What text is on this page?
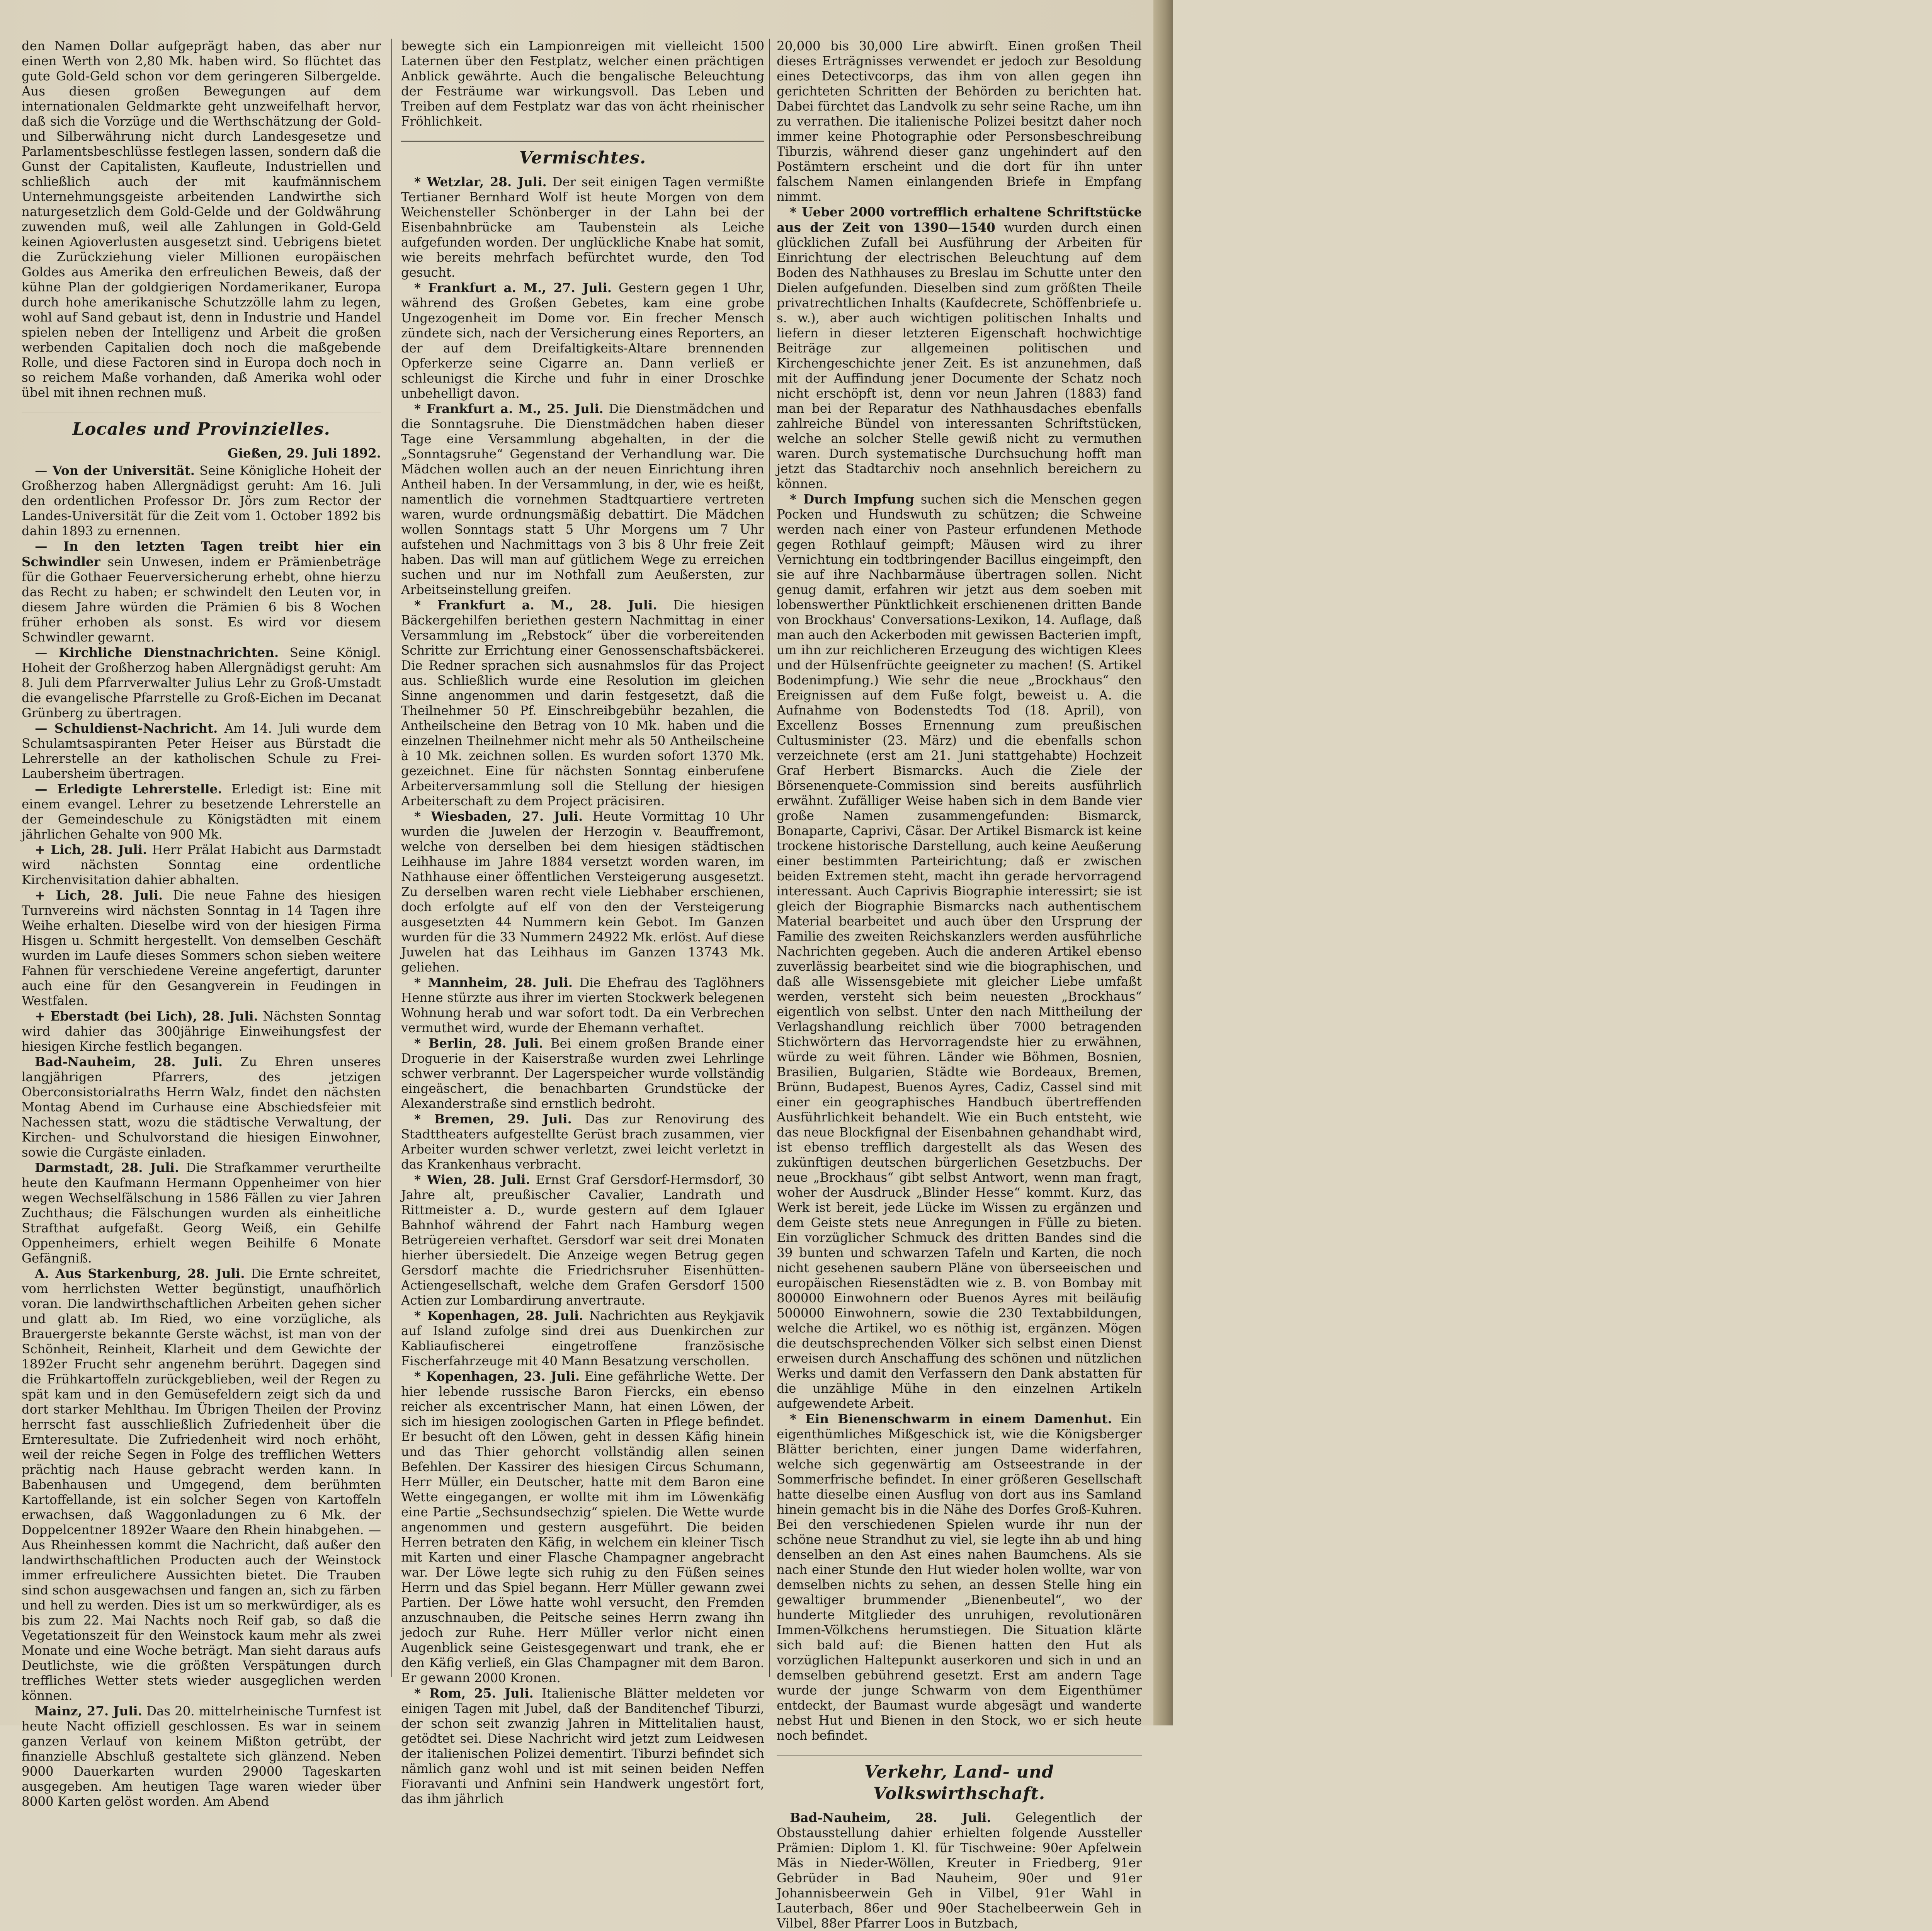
den Namen Dollar aufgeprägt haben, das aber nur einen Werth von 2,80 Mk. haben wird. So flüchtet das gute Gold-Geld schon vor dem geringeren Silbergelde. Aus diesen großen Bewegungen auf dem internationalen Geldmarkte geht unzweifelhaft hervor, daß sich die Vorzüge und die Werthschätzung der Gold- und Silberwährung nicht durch Landesgesetze und Parlamentsbeschlüsse festlegen lassen, sondern daß die Gunst der Capitalisten, Kaufleute, Industriellen und schließlich auch der mit kaufmännischem Unternehmungsgeiste arbeitenden Landwirthe sich naturgesetzlich dem Gold-Gelde und der Goldwährung zuwenden muß, weil alle Zahlungen in Gold-Geld keinen Agioverlusten ausgesetzt sind. Uebrigens bietet die Zurückziehung vieler Millionen europäischen Goldes aus Amerika den erfreulichen Beweis, daß der kühne Plan der goldgierigen Nordamerikaner, Europa durch hohe amerikanische Schutzzölle lahm zu legen, wohl auf Sand gebaut ist, denn in Industrie und Handel spielen neben der Intelligenz und Arbeit die großen werbenden Capitalien doch noch die maßgebende Rolle, und diese Factoren sind in Europa doch noch in so reichem Maße vorhanden, daß Amerika wohl oder übel mit ihnen rechnen muß.

Locales und Provinzielles.

Gießen, 29. Juli 1892.

— Von der Universität. Seine Königliche Hoheit der Großherzog haben Allergnädigst geruht: Am 16. Juli den ordentlichen Professor Dr. Jörs zum Rector der Landes-Universität für die Zeit vom 1. October 1892 bis dahin 1893 zu ernennen.

— In den letzten Tagen treibt hier ein Schwindler sein Unwesen, indem er Prämienbeträge für die Gothaer Feuerversicherung erhebt, ohne hierzu das Recht zu haben; er schwindelt den Leuten vor, in diesem Jahre würden die Prämien 6 bis 8 Wochen früher erhoben als sonst. Es wird vor diesem Schwindler gewarnt.

— Kirchliche Dienstnachrichten. Seine Königl. Hoheit der Großherzog haben Allergnädigst geruht: Am 8. Juli dem Pfarrverwalter Julius Lehr zu Groß-Umstadt die evangelische Pfarrstelle zu Groß-Eichen im Decanat Grünberg zu übertragen.

— Schuldienst-Nachricht. Am 14. Juli wurde dem Schulamtsaspiranten Peter Heiser aus Bürstadt die Lehrerstelle an der katholischen Schule zu Frei-Laubersheim übertragen.

— Erledigte Lehrerstelle. Erledigt ist: Eine mit einem evangel. Lehrer zu besetzende Lehrerstelle an der Gemeindeschule zu Königstädten mit einem jährlichen Gehalte von 900 Mk.

+ Lich, 28. Juli. Herr Prälat Habicht aus Darmstadt wird nächsten Sonntag eine ordentliche Kirchenvisitation dahier abhalten.

+ Lich, 28. Juli. Die neue Fahne des hiesigen Turnvereins wird nächsten Sonntag in 14 Tagen ihre Weihe erhalten. Dieselbe wird von der hiesigen Firma Hisgen u. Schmitt hergestellt. Von demselben Geschäft wurden im Laufe dieses Sommers schon sieben weitere Fahnen für verschiedene Vereine angefertigt, darunter auch eine für den Gesangverein in Feudingen in Westfalen.

+ Eberstadt (bei Lich), 28. Juli. Nächsten Sonntag wird dahier das 300jährige Einweihungsfest der hiesigen Kirche festlich begangen.

Bad-Nauheim, 28. Juli. Zu Ehren unseres langjährigen Pfarrers, des jetzigen Oberconsistorialraths Herrn Walz, findet den nächsten Montag Abend im Curhause eine Abschiedsfeier mit Nachessen statt, wozu die städtische Verwaltung, der Kirchen- und Schulvorstand die hiesigen Einwohner, sowie die Curgäste einladen.

Darmstadt, 28. Juli. Die Strafkammer verurtheilte heute den Kaufmann Hermann Oppenheimer von hier wegen Wechselfälschung in 1586 Fällen zu vier Jahren Zuchthaus; die Fälschungen wurden als einheitliche Strafthat aufgefaßt. Georg Weiß, ein Gehilfe Oppenheimers, erhielt wegen Beihilfe 6 Monate Gefängniß.

A. Aus Starkenburg, 28. Juli. Die Ernte schreitet, vom herrlichsten Wetter begünstigt, unaufhörlich voran. Die landwirthschaftlichen Arbeiten gehen sicher und glatt ab. Im Ried, wo eine vorzügliche, als Brauergerste bekannte Gerste wächst, ist man von der Schönheit, Reinheit, Klarheit und dem Gewichte der 1892er Frucht sehr angenehm berührt. Dagegen sind die Frühkartoffeln zurückgeblieben, weil der Regen zu spät kam und in den Gemüsefeldern zeigt sich da und dort starker Mehlthau. Im Übrigen Theilen der Provinz herrscht fast ausschließlich Zufriedenheit über die Ernteresultate. Die Zufriedenheit wird noch erhöht, weil der reiche Segen in Folge des trefflichen Wetters prächtig nach Hause gebracht werden kann. In Babenhausen und Umgegend, dem berühmten Kartoffellande, ist ein solcher Segen von Kartoffeln erwachsen, daß Waggonladungen zu 6 Mk. der Doppelcentner 1892er Waare den Rhein hinabgehen. — Aus Rheinhessen kommt die Nachricht, daß außer den landwirthschaftlichen Producten auch der Weinstock immer erfreulichere Aussichten bietet. Die Trauben sind schon ausgewachsen und fangen an, sich zu färben und hell zu werden. Dies ist um so merkwürdiger, als es bis zum 22. Mai Nachts noch Reif gab, so daß die Vegetationszeit für den Weinstock kaum mehr als zwei Monate und eine Woche beträgt. Man sieht daraus aufs Deutlichste, wie die größten Verspätungen durch treffliches Wetter stets wieder ausgeglichen werden können.

Mainz, 27. Juli. Das 20. mittelrheinische Turnfest ist heute Nacht offiziell geschlossen. Es war in seinem ganzen Verlauf von keinem Mißton getrübt, der finanzielle Abschluß gestaltete sich glänzend. Neben 9000 Dauerkarten wurden 29000 Tageskarten ausgegeben. Am heutigen Tage waren wieder über 8000 Karten gelöst worden. Am Abend

bewegte sich ein Lampionreigen mit vielleicht 1500 Laternen über den Festplatz, welcher einen prächtigen Anblick gewährte. Auch die bengalische Beleuchtung der Festräume war wirkungsvoll. Das Leben und Treiben auf dem Festplatz war das von ächt rheinischer Fröhlichkeit.

Vermischtes.

* Wetzlar, 28. Juli. Der seit einigen Tagen vermißte Tertianer Bernhard Wolf ist heute Morgen von dem Weichensteller Schönberger in der Lahn bei der Eisenbahnbrücke am Taubenstein als Leiche aufgefunden worden. Der unglückliche Knabe hat somit, wie bereits mehrfach befürchtet wurde, den Tod gesucht.

* Frankfurt a. M., 27. Juli. Gestern gegen 1 Uhr, während des Großen Gebetes, kam eine grobe Ungezogenheit im Dome vor. Ein frecher Mensch zündete sich, nach der Versicherung eines Reporters, an der auf dem Dreifaltigkeits-Altare brennenden Opferkerze seine Cigarre an. Dann verließ er schleunigst die Kirche und fuhr in einer Droschke unbehelligt davon.

* Frankfurt a. M., 25. Juli. Die Dienstmädchen und die Sonntagsruhe. Die Dienstmädchen haben dieser Tage eine Versammlung abgehalten, in der die „Sonntagsruhe“ Gegenstand der Verhandlung war. Die Mädchen wollen auch an der neuen Einrichtung ihren Antheil haben. In der Versammlung, in der, wie es heißt, namentlich die vornehmen Stadtquartiere vertreten waren, wurde ordnungsmäßig debattirt. Die Mädchen wollen Sonntags statt 5 Uhr Morgens um 7 Uhr aufstehen und Nachmittags von 3 bis 8 Uhr freie Zeit haben. Das will man auf gütlichem Wege zu erreichen suchen und nur im Nothfall zum Aeußersten, zur Arbeitseinstellung greifen.

* Frankfurt a. M., 28. Juli. Die hiesigen Bäckergehilfen beriethen gestern Nachmittag in einer Versammlung im „Rebstock“ über die vorbereitenden Schritte zur Errichtung einer Genossenschaftsbäckerei. Die Redner sprachen sich ausnahmslos für das Project aus. Schließlich wurde eine Resolution im gleichen Sinne angenommen und darin festgesetzt, daß die Theilnehmer 50 Pf. Einschreibgebühr bezahlen, die Antheilscheine den Betrag von 10 Mk. haben und die einzelnen Theilnehmer nicht mehr als 50 Antheilscheine à 10 Mk. zeichnen sollen. Es wurden sofort 1370 Mk. gezeichnet. Eine für nächsten Sonntag einberufene Arbeiterversammlung soll die Stellung der hiesigen Arbeiterschaft zu dem Project präcisiren.

* Wiesbaden, 27. Juli. Heute Vormittag 10 Uhr wurden die Juwelen der Herzogin v. Beauffremont, welche von derselben bei dem hiesigen städtischen Leihhause im Jahre 1884 versetzt worden waren, im Nathhause einer öffentlichen Versteigerung ausgesetzt. Zu derselben waren recht viele Liebhaber erschienen, doch erfolgte auf elf von den der Versteigerung ausgesetzten 44 Nummern kein Gebot. Im Ganzen wurden für die 33 Nummern 24922 Mk. erlöst. Auf diese Juwelen hat das Leihhaus im Ganzen 13743 Mk. geliehen.

* Mannheim, 28. Juli. Die Ehefrau des Taglöhners Henne stürzte aus ihrer im vierten Stockwerk belegenen Wohnung herab und war sofort todt. Da ein Verbrechen vermuthet wird, wurde der Ehemann verhaftet.

* Berlin, 28. Juli. Bei einem großen Brande einer Droguerie in der Kaiserstraße wurden zwei Lehrlinge schwer verbrannt. Der Lagerspeicher wurde vollständig eingeäschert, die benachbarten Grundstücke der Alexanderstraße sind ernstlich bedroht.

* Bremen, 29. Juli. Das zur Renovirung des Stadttheaters aufgestellte Gerüst brach zusammen, vier Arbeiter wurden schwer verletzt, zwei leicht verletzt in das Krankenhaus verbracht.

* Wien, 28. Juli. Ernst Graf Gersdorf-Hermsdorf, 30 Jahre alt, preußischer Cavalier, Landrath und Rittmeister a. D., wurde gestern auf dem Iglauer Bahnhof während der Fahrt nach Hamburg wegen Betrügereien verhaftet. Gersdorf war seit drei Monaten hierher übersiedelt. Die Anzeige wegen Betrug gegen Gersdorf machte die Friedrichsruher Eisenhütten-Actiengesellschaft, welche dem Grafen Gersdorf 1500 Actien zur Lombardirung anvertraute.

* Kopenhagen, 28. Juli. Nachrichten aus Reykjavik auf Island zufolge sind drei aus Duenkirchen zur Kabliaufischerei eingetroffene französische Fischerfahrzeuge mit 40 Mann Besatzung verschollen.

* Kopenhagen, 23. Juli. Eine gefährliche Wette. Der hier lebende russische Baron Fiercks, ein ebenso reicher als excentrischer Mann, hat einen Löwen, der sich im hiesigen zoologischen Garten in Pflege befindet. Er besucht oft den Löwen, geht in dessen Käfig hinein und das Thier gehorcht vollständig allen seinen Befehlen. Der Kassirer des hiesigen Circus Schumann, Herr Müller, ein Deutscher, hatte mit dem Baron eine Wette eingegangen, er wollte mit ihm im Löwenkäfig eine Partie „Sechsundsechzig“ spielen. Die Wette wurde angenommen und gestern ausgeführt. Die beiden Herren betraten den Käfig, in welchem ein kleiner Tisch mit Karten und einer Flasche Champagner angebracht war. Der Löwe legte sich ruhig zu den Füßen seines Herrn und das Spiel begann. Herr Müller gewann zwei Partien. Der Löwe hatte wohl versucht, den Fremden anzuschnauben, die Peitsche seines Herrn zwang ihn jedoch zur Ruhe. Herr Müller verlor nicht einen Augenblick seine Geistesgegenwart und trank, ehe er den Käfig verließ, ein Glas Champagner mit dem Baron. Er gewann 2000 Kronen.

* Rom, 25. Juli. Italienische Blätter meldeten vor einigen Tagen mit Jubel, daß der Banditenchef Tiburzi, der schon seit zwanzig Jahren in Mittelitalien haust, getödtet sei. Diese Nachricht wird jetzt zum Leidwesen der italienischen Polizei dementirt. Tiburzi befindet sich nämlich ganz wohl und ist mit seinen beiden Neffen Fioravanti und Anfnini sein Handwerk ungestört fort, das ihm jährlich

20,000 bis 30,000 Lire abwirft. Einen großen Theil dieses Erträgnisses verwendet er jedoch zur Besoldung eines Detectivcorps, das ihm von allen gegen ihn gerichteten Schritten der Behörden zu berichten hat. Dabei fürchtet das Landvolk zu sehr seine Rache, um ihn zu verrathen. Die italienische Polizei besitzt daher noch immer keine Photographie oder Personsbeschreibung Tiburzis, während dieser ganz ungehindert auf den Postämtern erscheint und die dort für ihn unter falschem Namen einlangenden Briefe in Empfang nimmt.

* Ueber 2000 vortrefflich erhaltene Schriftstücke aus der Zeit von 1390—1540 wurden durch einen glücklichen Zufall bei Ausführung der Arbeiten für Einrichtung der electrischen Beleuchtung auf dem Boden des Nathhauses zu Breslau im Schutte unter den Dielen aufgefunden. Dieselben sind zum größten Theile privatrechtlichen Inhalts (Kaufdecrete, Schöffenbriefe u. s. w.), aber auch wichtigen politischen Inhalts und liefern in dieser letzteren Eigenschaft hochwichtige Beiträge zur allgemeinen politischen und Kirchengeschichte jener Zeit. Es ist anzunehmen, daß mit der Auffindung jener Documente der Schatz noch nicht erschöpft ist, denn vor neun Jahren (1883) fand man bei der Reparatur des Nathhausdaches ebenfalls zahlreiche Bündel von interessanten Schriftstücken, welche an solcher Stelle gewiß nicht zu vermuthen waren. Durch systematische Durchsuchung hofft man jetzt das Stadtarchiv noch ansehnlich bereichern zu können.

* Durch Impfung suchen sich die Menschen gegen Pocken und Hundswuth zu schützen; die Schweine werden nach einer von Pasteur erfundenen Methode gegen Rothlauf geimpft; Mäusen wird zu ihrer Vernichtung ein todtbringender Bacillus eingeimpft, den sie auf ihre Nachbarmäuse übertragen sollen. Nicht genug damit, erfahren wir jetzt aus dem soeben mit lobenswerther Pünktlichkeit erschienenen dritten Bande von Brockhaus' Conversations-Lexikon, 14. Auflage, daß man auch den Ackerboden mit gewissen Bacterien impft, um ihn zur reichlicheren Erzeugung des wichtigen Klees und der Hülsenfrüchte geeigneter zu machen! (S. Artikel Bodenimpfung.) Wie sehr die neue „Brockhaus“ den Ereignissen auf dem Fuße folgt, beweist u. A. die Aufnahme von Bodenstedts Tod (18. April), von Excellenz Bosses Ernennung zum preußischen Cultusminister (23. März) und die ebenfalls schon verzeichnete (erst am 21. Juni stattgehabte) Hochzeit Graf Herbert Bismarcks. Auch die Ziele der Börsenenquete-Commission sind bereits ausführlich erwähnt. Zufälliger Weise haben sich in dem Bande vier große Namen zusammengefunden: Bismarck, Bonaparte, Caprivi, Cäsar. Der Artikel Bismarck ist keine trockene historische Darstellung, auch keine Aeußerung einer bestimmten Parteirichtung; daß er zwischen beiden Extremen steht, macht ihn gerade hervorragend interessant. Auch Caprivis Biographie interessirt; sie ist gleich der Biographie Bismarcks nach authentischem Material bearbeitet und auch über den Ursprung der Familie des zweiten Reichskanzlers werden ausführliche Nachrichten gegeben. Auch die anderen Artikel ebenso zuverlässig bearbeitet sind wie die biographischen, und daß alle Wissensgebiete mit gleicher Liebe umfaßt werden, versteht sich beim neuesten „Brockhaus“ eigentlich von selbst. Unter den nach Mittheilung der Verlagshandlung reichlich über 7000 betragenden Stichwörtern das Hervorragendste hier zu erwähnen, würde zu weit führen. Länder wie Böhmen, Bosnien, Brasilien, Bulgarien, Städte wie Bordeaux, Bremen, Brünn, Budapest, Buenos Ayres, Cadiz, Cassel sind mit einer ein geographisches Handbuch übertreffenden Ausführlichkeit behandelt. Wie ein Buch entsteht, wie das neue Blockfignal der Eisenbahnen gehandhabt wird, ist ebenso trefflich dargestellt als das Wesen des zukünftigen deutschen bürgerlichen Gesetzbuchs. Der neue „Brockhaus“ gibt selbst Antwort, wenn man fragt, woher der Ausdruck „Blinder Hesse“ kommt. Kurz, das Werk ist bereit, jede Lücke im Wissen zu ergänzen und dem Geiste stets neue Anregungen in Fülle zu bieten. Ein vorzüglicher Schmuck des dritten Bandes sind die 39 bunten und schwarzen Tafeln und Karten, die noch nicht gesehenen saubern Pläne von überseeischen und europäischen Riesenstädten wie z. B. von Bombay mit 800000 Einwohnern oder Buenos Ayres mit beiläufig 500000 Einwohnern, sowie die 230 Textabbildungen, welche die Artikel, wo es nöthig ist, ergänzen. Mögen die deutschsprechenden Völker sich selbst einen Dienst erweisen durch Anschaffung des schönen und nützlichen Werks und damit den Verfassern den Dank abstatten für die unzählige Mühe in den einzelnen Artikeln aufgewendete Arbeit.

* Ein Bienenschwarm in einem Damenhut. Ein eigenthümliches Mißgeschick ist, wie die Königsberger Blätter berichten, einer jungen Dame widerfahren, welche sich gegenwärtig am Ostseestrande in der Sommerfrische befindet. In einer größeren Gesellschaft hatte dieselbe einen Ausflug von dort aus ins Samland hinein gemacht bis in die Nähe des Dorfes Groß-Kuhren. Bei den verschiedenen Spielen wurde ihr nun der schöne neue Strandhut zu viel, sie legte ihn ab und hing denselben an den Ast eines nahen Baumchens. Als sie nach einer Stunde den Hut wieder holen wollte, war von demselben nichts zu sehen, an dessen Stelle hing ein gewaltiger brummender „Bienenbeutel“, wo der hunderte Mitglieder des unruhigen, revolutionären Immen-Völkchens herumstiegen. Die Situation klärte sich bald auf: die Bienen hatten den Hut als vorzüglichen Haltepunkt auserkoren und sich in und an demselben gebührend gesetzt. Erst am andern Tage wurde der junge Schwarm von dem Eigenthümer entdeckt, der Baumast wurde abgesägt und wanderte nebst Hut und Bienen in den Stock, wo er sich heute noch befindet.

Verkehr, Land- und Volkswirthschaft.

Bad-Nauheim, 28. Juli. Gelegentlich der Obstausstellung dahier erhielten folgende Aussteller Prämien: Diplom 1. Kl. für Tischweine: 90er Apfelwein Mäs in Nieder-Wöllen, Kreuter in Friedberg, 91er Gebrüder in Bad Nauheim, 90er und 91er Johannisbeerwein Geh in Vilbel, 91er Wahl in Lauterbach, 86er und 90er Stachelbeerwein Geh in Vilbel, 88er Pfarrer Loos in Butzbach,
